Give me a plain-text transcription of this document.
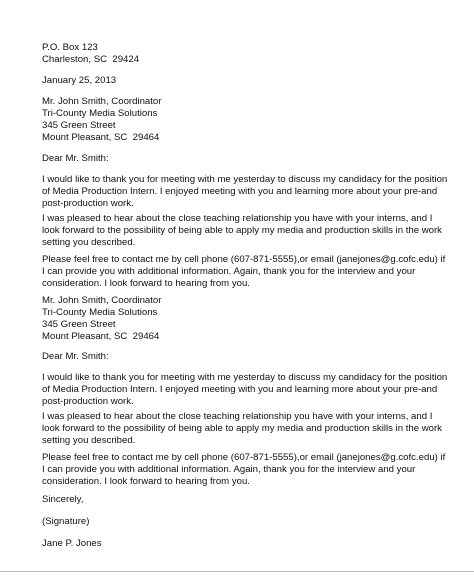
P.O. Box 123
Charleston, SC  29424
January 25, 2013
Mr. John Smith, Coordinator
Tri-County Media Solutions
345 Green Street
Mount Pleasant, SC  29464
Dear Mr. Smith:
I would like to thank you for meeting with me yesterday to discuss my candidacy for the position
of Media Production Intern. I enjoyed meeting with you and learning more about your pre-and
post-production work.
I was pleased to hear about the close teaching relationship you have with your interns, and I
look forward to the possibility of being able to apply my media and production skills in the work
setting you described.
Please feel free to contact me by cell phone (607-871-5555),or email (janejones@g.cofc.edu) if
I can provide you with additional information. Again, thank you for the interview and your
consideration. I look forward to hearing from you.
Mr. John Smith, Coordinator
Tri-County Media Solutions
345 Green Street
Mount Pleasant, SC  29464
Dear Mr. Smith:
I would like to thank you for meeting with me yesterday to discuss my candidacy for the position
of Media Production Intern. I enjoyed meeting with you and learning more about your pre-and
post-production work.
I was pleased to hear about the close teaching relationship you have with your interns, and I
look forward to the possibility of being able to apply my media and production skills in the work
setting you described.
Please feel free to contact me by cell phone (607-871-5555),or email (janejones@g.cofc.edu) if
I can provide you with additional information. Again, thank you for the interview and your
consideration. I look forward to hearing from you.
Sincerely,
(Signature)
Jane P. Jones
